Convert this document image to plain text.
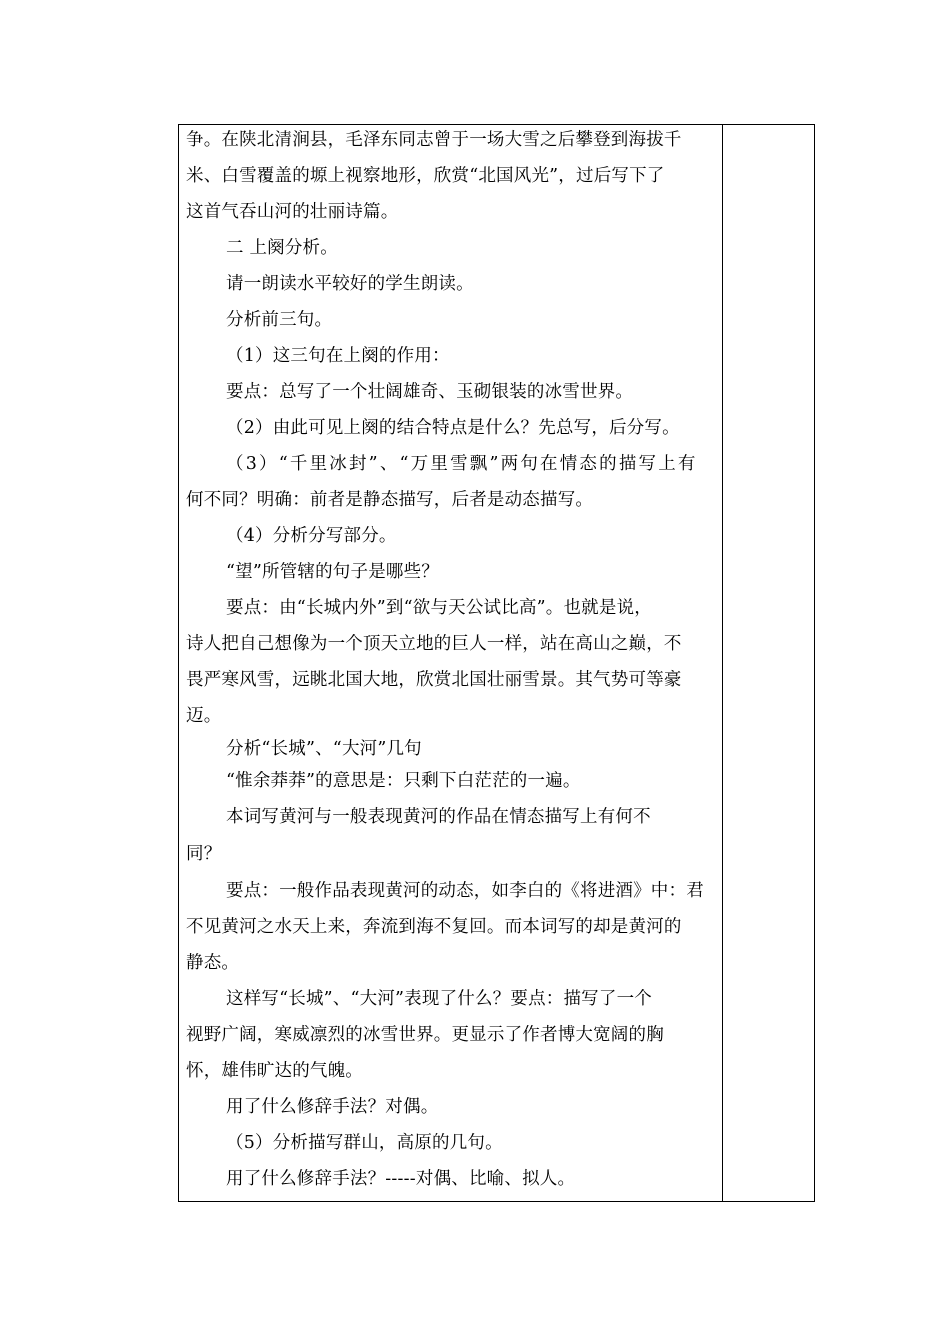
争。在陕北清涧县，毛泽东同志曾于一场大雪之后攀登到海拔千
米、白雪覆盖的塬上视察地形，欣赏“北国风光”，过后写下了
这首气吞山河的壮丽诗篇。
二 上阕分析。
请一朗读水平较好的学生朗读。
分析前三句。
（1）这三句在上阕的作用：
要点：总写了一个壮阔雄奇、玉砌银装的冰雪世界。
（2）由此可见上阕的结合特点是什么？先总写，后分写。
（3）“千里冰封”、“万里雪飘”两句在情态的描写上有
何不同？明确：前者是静态描写，后者是动态描写。
（4）分析分写部分。
“望”所管辖的句子是哪些？
要点：由“长城内外”到“欲与天公试比高”。也就是说，
诗人把自己想像为一个顶天立地的巨人一样，站在高山之巅，不
畏严寒风雪，远眺北国大地，欣赏北国壮丽雪景。其气势可等豪
迈。
分析“长城”、“大河”几句
“惟余莽莽”的意思是：只剩下白茫茫的一遍。
本词写黄河与一般表现黄河的作品在情态描写上有何不
同？
要点：一般作品表现黄河的动态，如李白的《将进酒》中：君
不见黄河之水天上来，奔流到海不复回。而本词写的却是黄河的
静态。
这样写“长城”、“大河”表现了什么？要点：描写了一个
视野广阔，寒威凛烈的冰雪世界。更显示了作者博大宽阔的胸
怀，雄伟旷达的气魄。
用了什么修辞手法？对偶。
（5）分析描写群山，高原的几句。
用了什么修辞手法？-----对偶、比喻、拟人。
